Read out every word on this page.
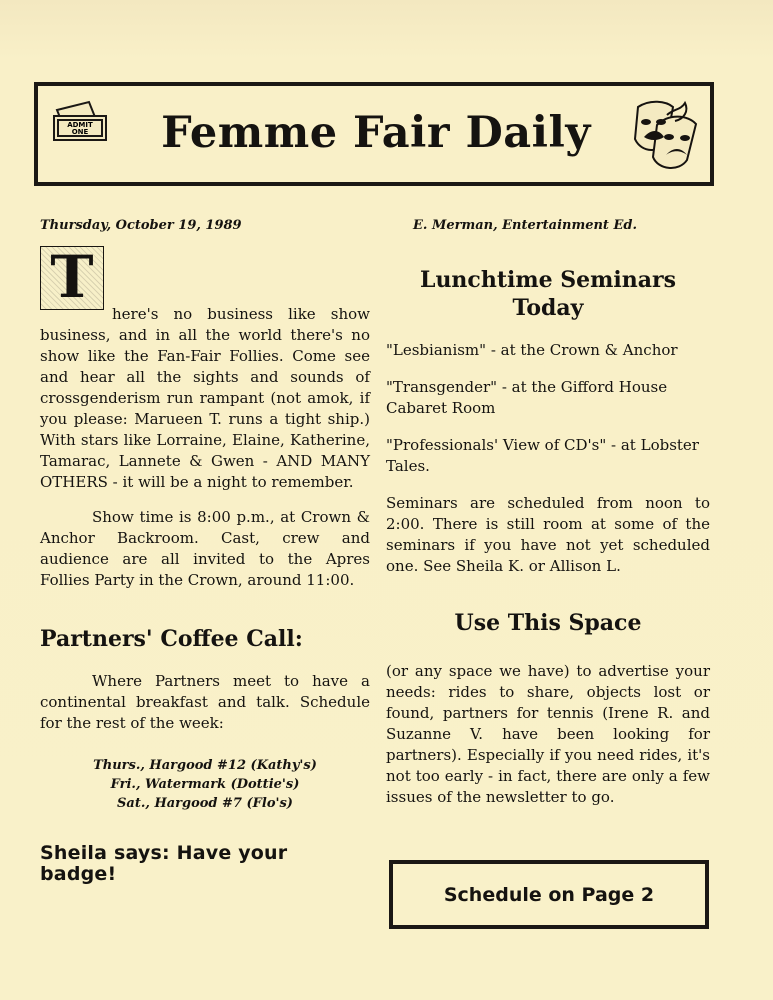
ADMIT
ONE	Femme Fair Daily
Thursday, October 19, 1989	E. Merman, Entertainment Ed.
T

here's no business like show business, and in all the world there's no show like the Fan-Fair Follies. Come see and hear all the sights and sounds of crossgenderism run rampant (not amok, if you please: Marueen T. runs a tight ship.) With stars like Lorraine, Elaine, Katherine, Tamarac, Lannete & Gwen - AND MANY OTHERS - it will be a night to remember.

Show time is 8:00 p.m., at Crown & Anchor Backroom. Cast, crew and audience are all invited to the Apres Follies Party in the Crown, around 11:00.

Partners' Coffee Call:

Where Partners meet to have a continental breakfast and talk. Schedule for the rest of the week:

Thurs., Hargood #12 (Kathy's)
Fri., Watermark (Dottie's)
Sat., Hargood #7 (Flo's)
Sheila says: Have your badge!
Lunchtime Seminars Today
"Lesbianism" - at the Crown & Anchor
"Transgender" - at the Gifford House Cabaret Room
"Professionals' View of CD's" - at Lobster Tales.

Seminars are scheduled from noon to 2:00. There is still room at some of the seminars if you have not yet scheduled one. See Sheila K. or Allison L.

Use This Space

(or any space we have) to advertise your needs: rides to share, objects lost or found, partners for tennis (Irene R. and Suzanne V. have been looking for partners). Especially if you need rides, it's not too early - in fact, there are only a few issues of the newsletter to go.

Schedule on Page 2
